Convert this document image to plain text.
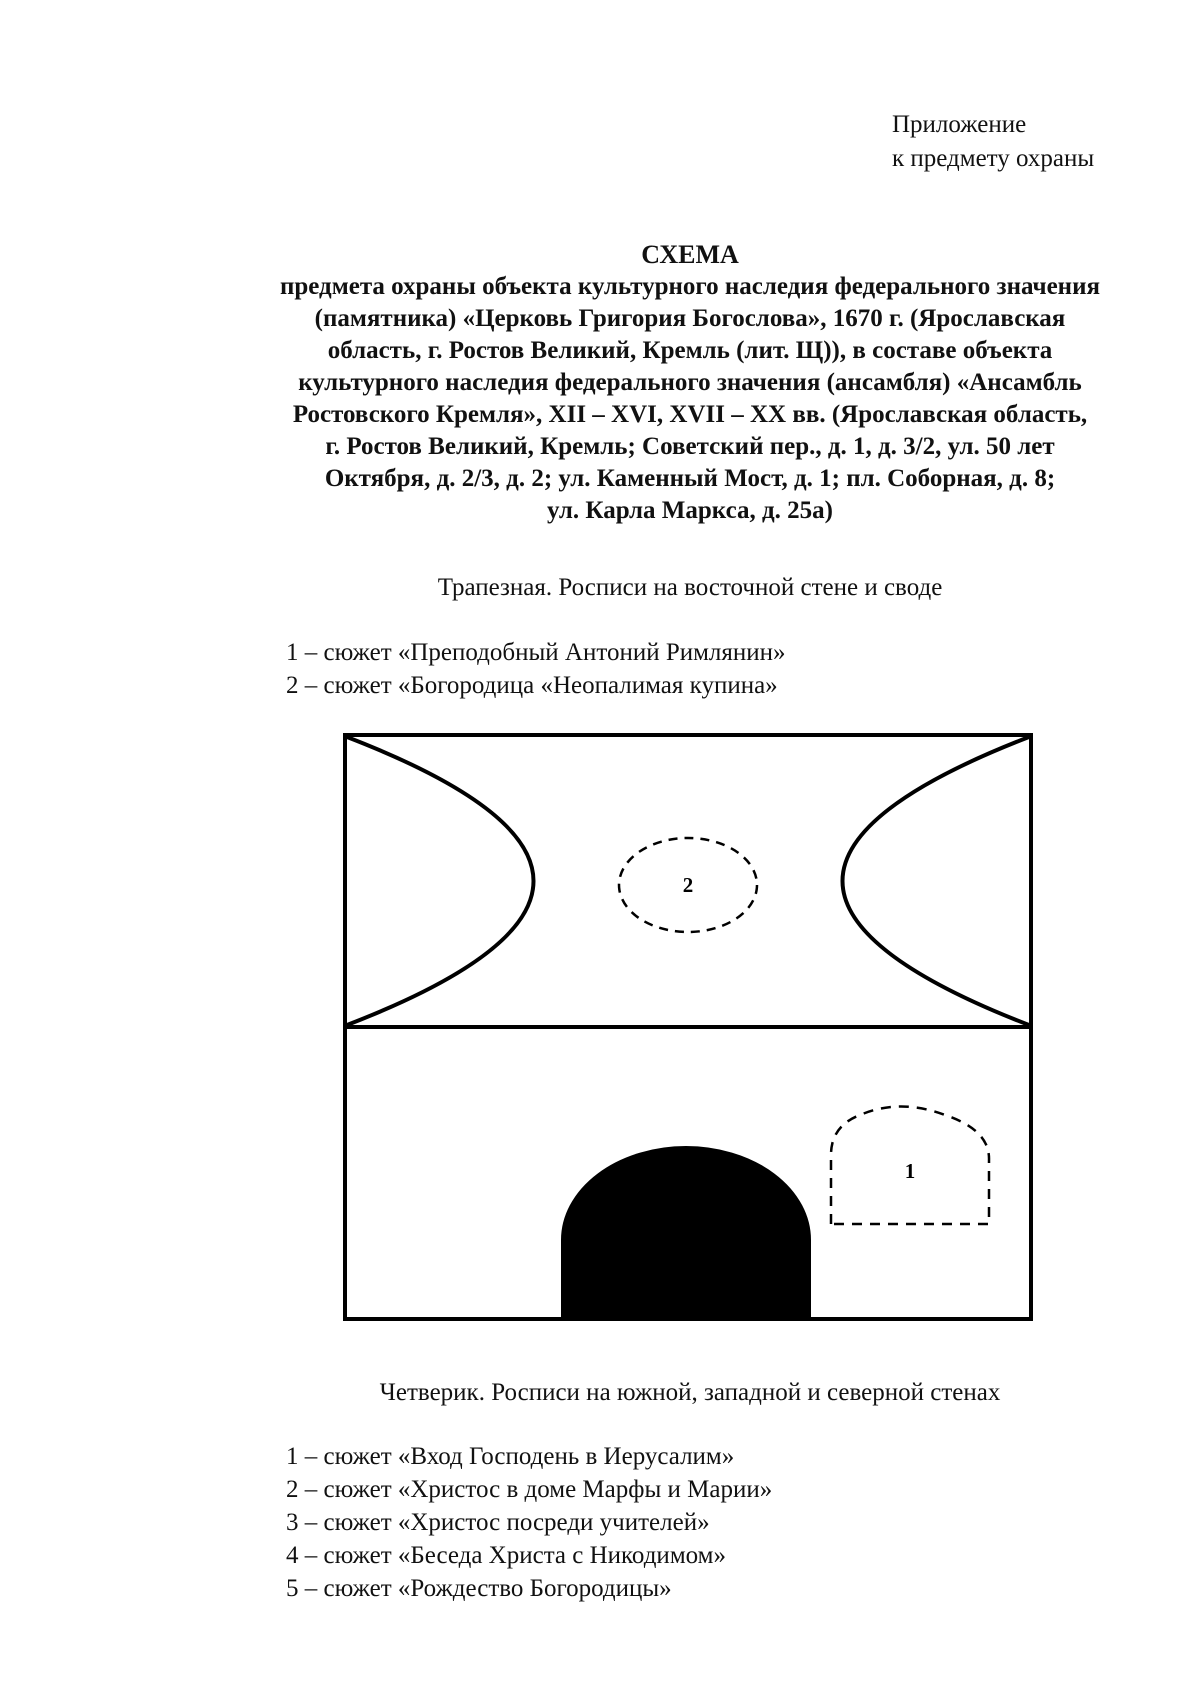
Приложение
к предмету охраны

СХЕМА

предмета охраны объекта культурного наследия федерального значения

(памятника) «Церковь Григория Богослова», 1670 г. (Ярославская

область, г. Ростов Великий, Кремль (лит. Щ)), в составе объекта

культурного наследия федерального значения (ансамбля) «Ансамбль

Ростовского Кремля», XII – XVI, XVII – XX вв. (Ярославская область,

г. Ростов Великий, Кремль; Советский пер., д. 1, д. 3/2, ул. 50 лет

Октября, д. 2/3, д. 2; ул. Каменный Мост, д. 1; пл. Соборная, д. 8;

ул. Карла Маркса, д. 25а)

Трапезная. Росписи на восточной стене и своде
1 – сюжет «Преподобный Антоний Римлянин»
2 – сюжет «Богородица «Неопалимая купина»
2
1
Четверик. Росписи на южной, западной и северной стенах
1 – сюжет «Вход Господень в Иерусалим»
2 – сюжет «Христос в доме Марфы и Марии»
3 – сюжет «Христос посреди учителей»
4 – сюжет «Беседа Христа с Никодимом»
5 – сюжет «Рождество Богородицы»
